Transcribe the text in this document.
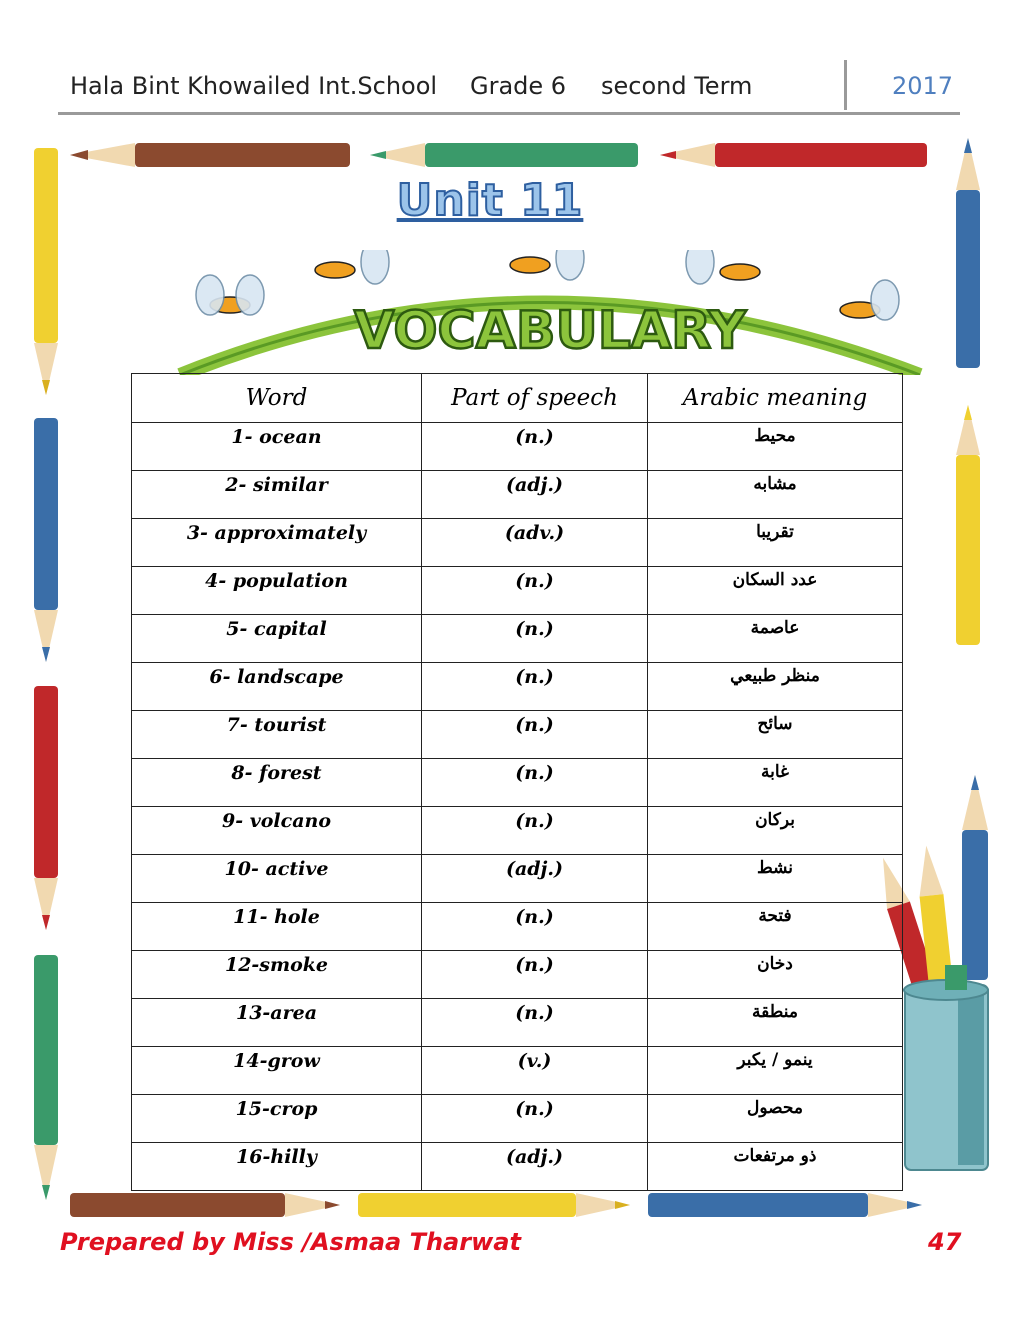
Hala Bint Khowailed Int.School Grade 6 second Term	2017
Unit 11
VOCABULARY
Word	Part of speech	Arabic meaning
1- ocean	(n.)	محيط
2- similar	(adj.)	مشابه
3- approximately	(adv.)	تقريبا
4- population	(n.)	عدد السكان
5- capital	(n.)	عاصمة
6- landscape	(n.)	منظر طبيعي
7- tourist	(n.)	سائح
8- forest	(n.)	غابة
9- volcano	(n.)	بركان
10- active	(adj.)	نشط
11- hole	(n.)	فتحة
12-smoke	(n.)	دخان
13-area	(n.)	منطقة
14-grow	(v.)	ينمو / يكبر
15-crop	(n.)	محصول
16-hilly	(adj.)	ذو مرتفعات
Prepared by Miss /Asmaa Tharwat	47
